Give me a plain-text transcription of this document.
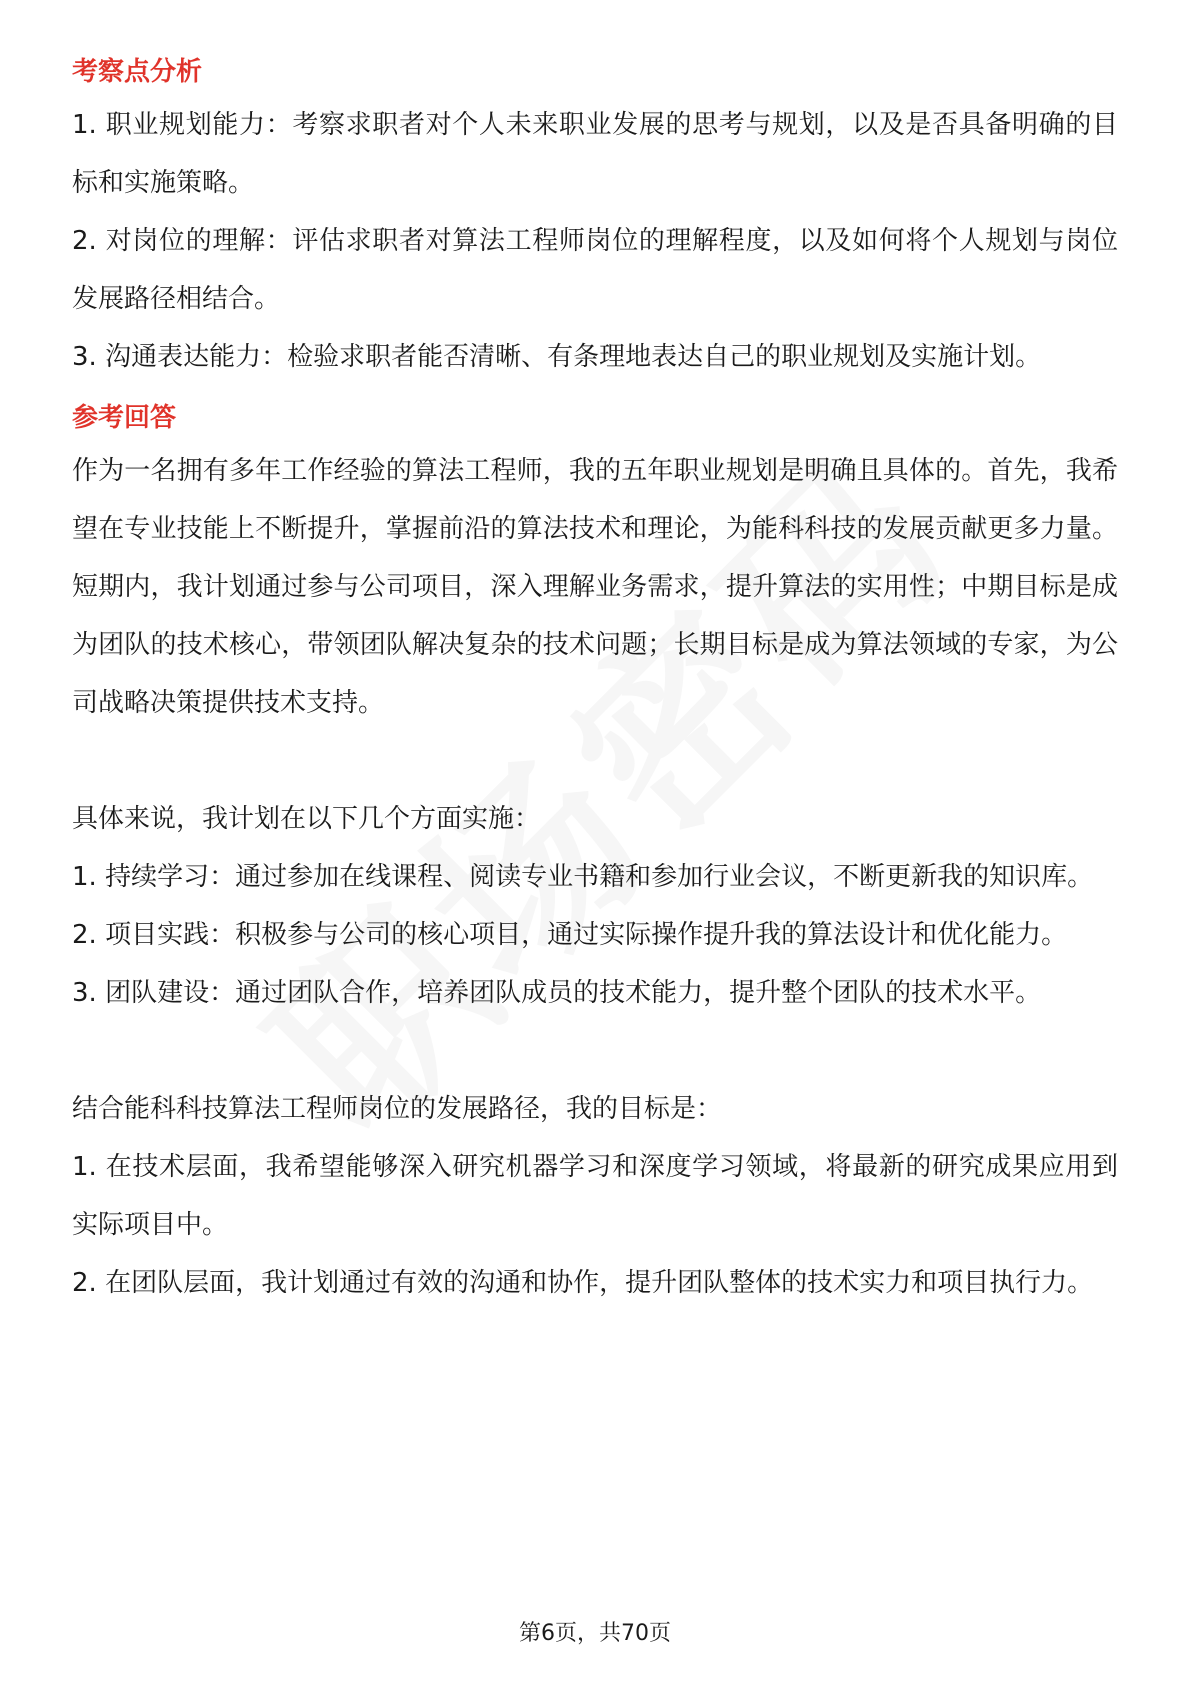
考察点分析

1. 职业规划能力：考察求职者对个人未来职业发展的思考与规划，以及是否具备明确的目标和实施策略。

2. 对岗位的理解：评估求职者对算法工程师岗位的理解程度，以及如何将个人规划与岗位发展路径相结合。

3. 沟通表达能力：检验求职者能否清晰、有条理地表达自己的职业规划及实施计划。

参考回答

作为一名拥有多年工作经验的算法工程师，我的五年职业规划是明确且具体的。首先，我希望在专业技能上不断提升，掌握前沿的算法技术和理论，为能科科技的发展贡献更多力量。短期内，我计划通过参与公司项目，深入理解业务需求，提升算法的实用性；中期目标是成为团队的技术核心，带领团队解决复杂的技术问题；长期目标是成为算法领域的专家，为公司战略决策提供技术支持。

具体来说，我计划在以下几个方面实施：

1. 持续学习：通过参加在线课程、阅读专业书籍和参加行业会议，不断更新我的知识库。

2. 项目实践：积极参与公司的核心项目，通过实际操作提升我的算法设计和优化能力。

3. 团队建设：通过团队合作，培养团队成员的技术能力，提升整个团队的技术水平。

结合能科科技算法工程师岗位的发展路径，我的目标是：

1. 在技术层面，我希望能够深入研究机器学习和深度学习领域，将最新的研究成果应用到实际项目中。

2. 在团队层面，我计划通过有效的沟通和协作，提升团队整体的技术实力和项目执行力。

第6页，共70页
